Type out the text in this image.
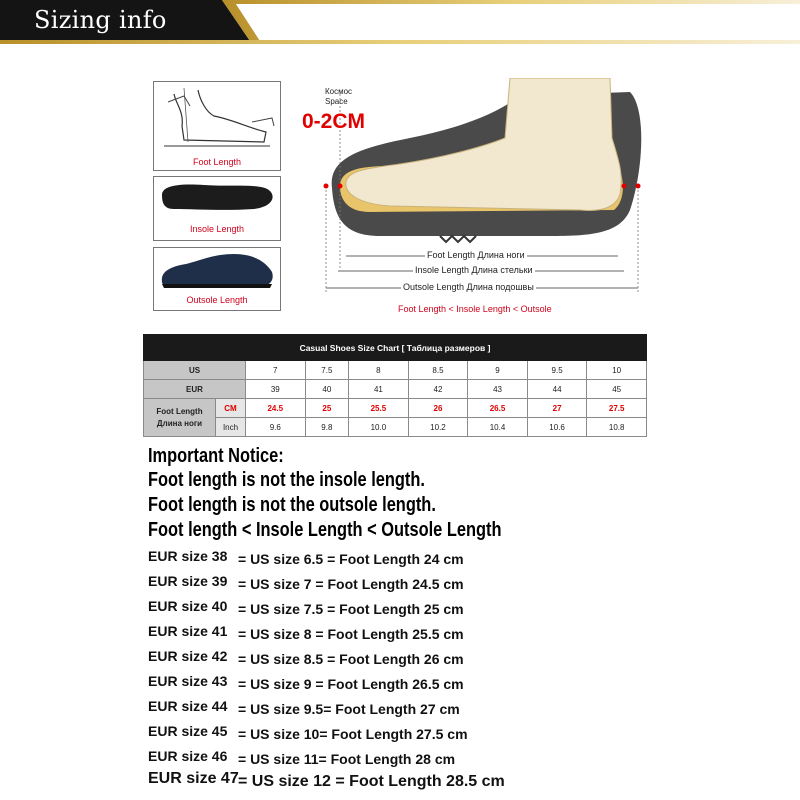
Sizing info
Foot Length
Insole Length
Outsole Length
Космос
Space
0-2CM
Foot Length Длина ноги
Insole Length Длина стельки
Outsole Length Длина подошвы
Foot Length < Insole Length < Outsole
Casual Shoes Size Chart [ Таблица размеров ]								
US		7	7.5	8	8.5	9	9.5	10
EUR		39	40	41	42	43	44	45

Foot Length
Длина ноги	CM	24.5	25	25.5	26	26.5	27	27.5
	Inch	9.6	9.8	10.0	10.2	10.4	10.6	10.8
Important Notice:
Foot length is not the insole length.
Foot length is not the outsole length.
Foot length < Insole Length < Outsole Length
EUR size 38 = US size 6.5 = Foot Length 24 cm
EUR size 39 = US size 7 = Foot Length 24.5 cm
EUR size 40 = US size 7.5 = Foot Length 25 cm
EUR size 41 = US size 8 = Foot Length 25.5 cm
EUR size 42 = US size 8.5 = Foot Length 26 cm
EUR size 43 = US size 9 = Foot Length 26.5 cm
EUR size 44 = US size 9.5= Foot Length 27 cm
EUR size 45 = US size 10= Foot Length 27.5 cm
EUR size 46 = US size 11= Foot Length 28 cm
EUR size 47= US size 12 = Foot Length 28.5 cm
